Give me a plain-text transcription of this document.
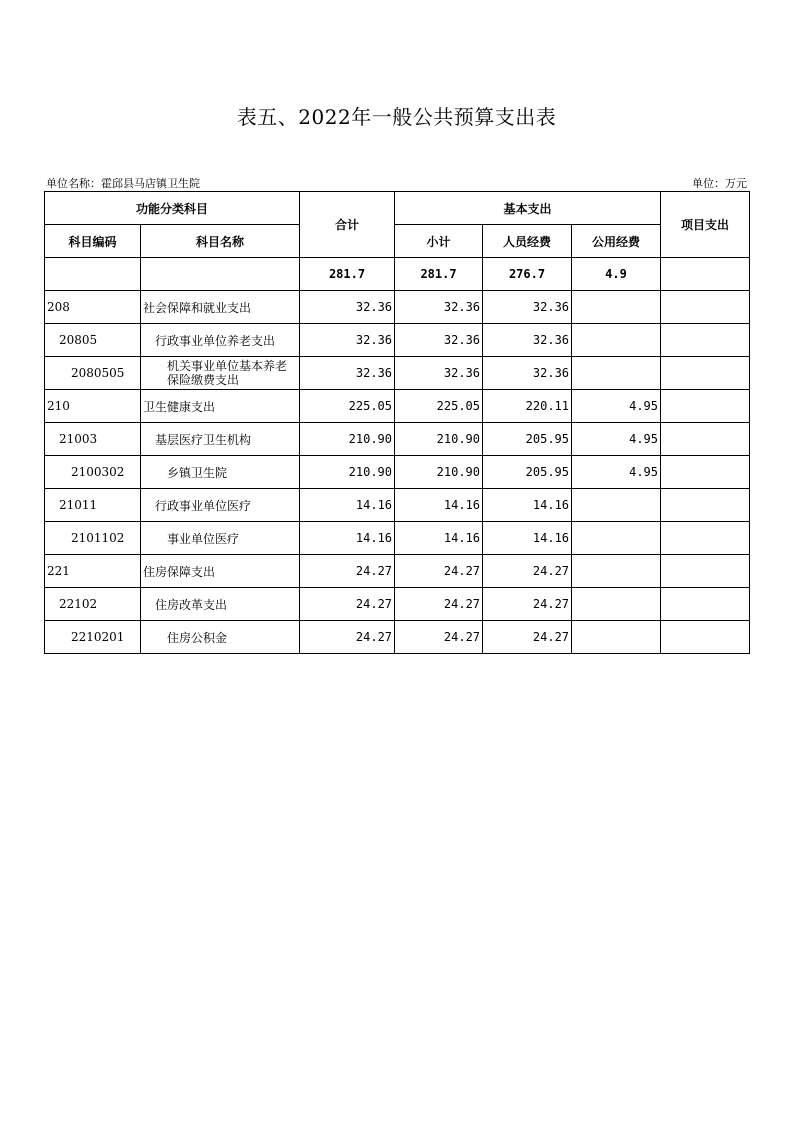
表五、2022年一般公共预算支出表
单位名称：霍邱县马店镇卫生院	单位：万元
功能分类科目		合计	基本支出			项目支出
科目编码	科目名称		小计	人员经费	公用经费	
		281.7	281.7	276.7	4.9	
208	社会保障和就业支出	32.36	32.36	32.36		
20805	行政事业单位养老支出	32.36	32.36	32.36		
2080505	机关事业单位基本养老保险缴费支出	32.36	32.36	32.36		
210	卫生健康支出	225.05	225.05	220.11	4.95	
21003	基层医疗卫生机构	210.90	210.90	205.95	4.95	
2100302	乡镇卫生院	210.90	210.90	205.95	4.95	
21011	行政事业单位医疗	14.16	14.16	14.16		
2101102	事业单位医疗	14.16	14.16	14.16		
221	住房保障支出	24.27	24.27	24.27		
22102	住房改革支出	24.27	24.27	24.27		
2210201	住房公积金	24.27	24.27	24.27		
